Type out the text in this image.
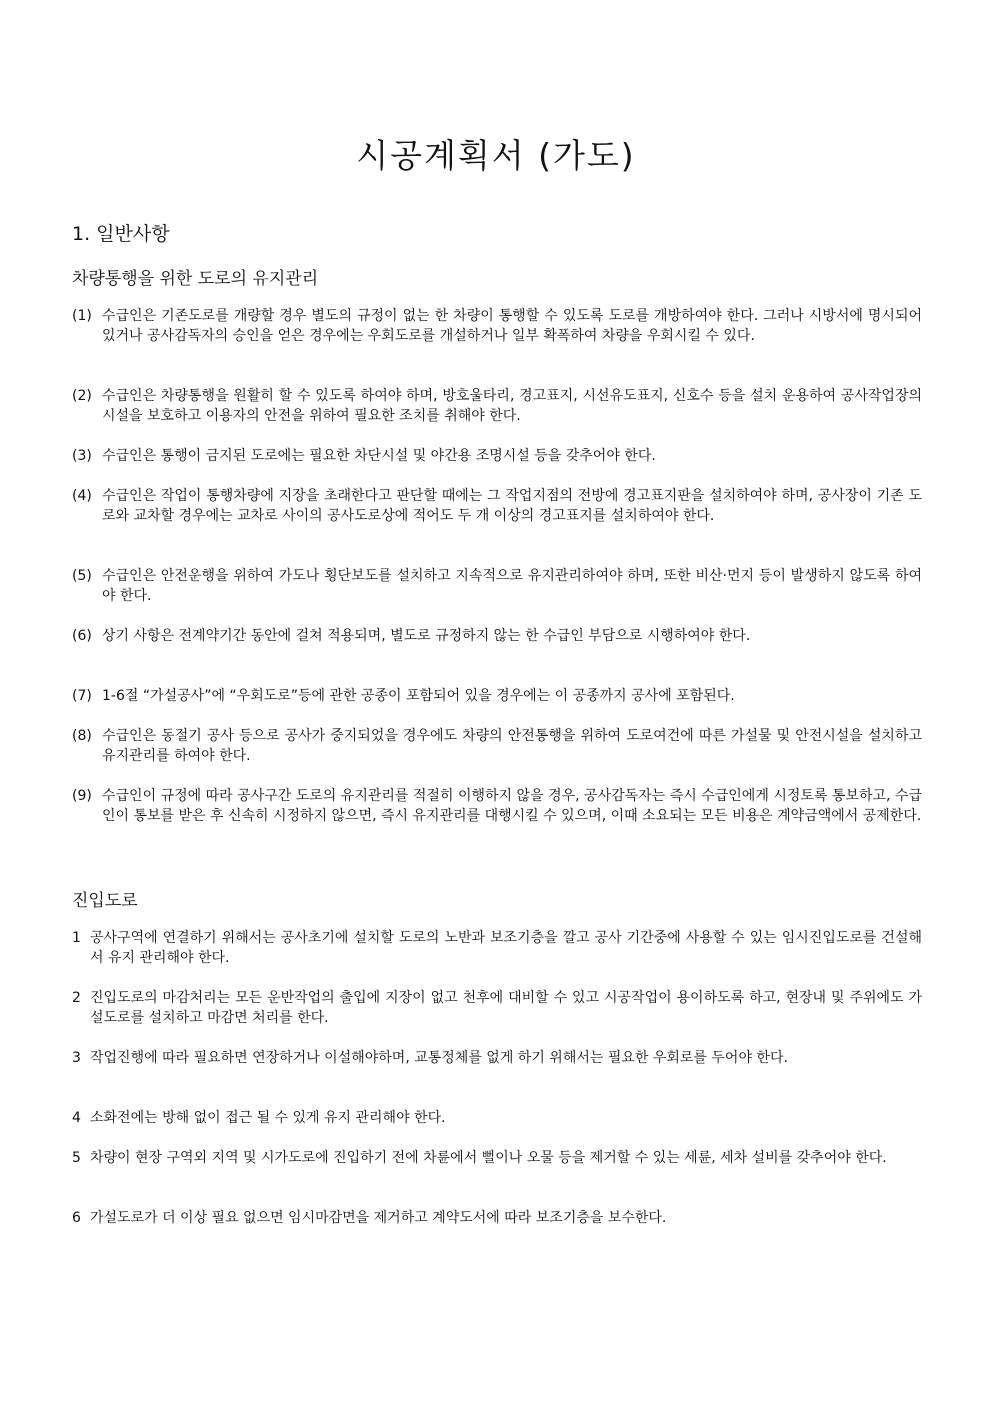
시공계획서 (가도)
1. 일반사항
차량통행을 위한 도로의 유지관리
(1) 수급인은 기존도로를 개량할 경우 별도의 규정이 없는 한 차량이 통행할 수 있도록 도로를 개방하여야 한다. 그러나 시방서에 명시되어 있거나 공사감독자의 승인을 얻은 경우에는 우회도로를 개설하거나 일부 확폭하여 차량을 우회시킬 수 있다.
(2) 수급인은 차량통행을 원활히 할 수 있도록 하여야 하며, 방호울타리, 경고표지, 시선유도표지, 신호수 등을 설치 운용하여 공사작업장의 시설을 보호하고 이용자의 안전을 위하여 필요한 조치를 취해야 한다.
(3) 수급인은 통행이 금지된 도로에는 필요한 차단시설 및 야간용 조명시설 등을 갖추어야 한다.
(4) 수급인은 작업이 통행차량에 지장을 초래한다고 판단할 때에는 그 작업지점의 전방에 경고표지판을 설치하여야 하며, 공사장이 기존 도로와 교차할 경우에는 교차로 사이의 공사도로상에 적어도 두 개 이상의 경고표지를 설치하여야 한다.
(5) 수급인은 안전운행을 위하여 가도나 횡단보도를 설치하고 지속적으로 유지관리하여야 하며, 또한 비산·먼지 등이 발생하지 않도록 하여야 한다.
(6) 상기 사항은 전계약기간 동안에 걸쳐 적용되며, 별도로 규정하지 않는 한 수급인 부담으로 시행하여야 한다.
(7) 1-6절 “가설공사”에 “우회도로”등에 관한 공종이 포함되어 있을 경우에는 이 공종까지 공사에 포함된다.
(8) 수급인은 동절기 공사 등으로 공사가 중지되었을 경우에도 차량의 안전통행을 위하여 도로여건에 따른 가설물 및 안전시설을 설치하고 유지관리를 하여야 한다.
(9) 수급인이 규정에 따라 공사구간 도로의 유지관리를 적절히 이행하지 않을 경우, 공사감독자는 즉시 수급인에게 시정토록 통보하고, 수급인이 통보를 받은 후 신속히 시정하지 않으면, 즉시 유지관리를 대행시킬 수 있으며, 이때 소요되는 모든 비용은 계약금액에서 공제한다.
진입도로
1 공사구역에 연결하기 위해서는 공사초기에 설치할 도로의 노반과 보조기층을 깔고 공사 기간중에 사용할 수 있는 임시진입도로를 건설해서 유지 관리해야 한다.
2 진입도로의 마감처리는 모든 운반작업의 출입에 지장이 없고 천후에 대비할 수 있고 시공작업이 용이하도록 하고, 현장내 및 주위에도 가설도로를 설치하고 마감면 처리를 한다.
3 작업진행에 따라 필요하면 연장하거나 이설해야하며, 교통정체를 없게 하기 위해서는 필요한 우회로를 두어야 한다.
4 소화전에는 방해 없이 접근 될 수 있게 유지 관리해야 한다.
5 차량이 현장 구역외 지역 및 시가도로에 진입하기 전에 차륜에서 뻘이나 오물 등을 제거할 수 있는 세륜, 세차 설비를 갖추어야 한다.
6 가설도로가 더 이상 필요 없으면 임시마감면을 제거하고 계약도서에 따라 보조기층을 보수한다.
